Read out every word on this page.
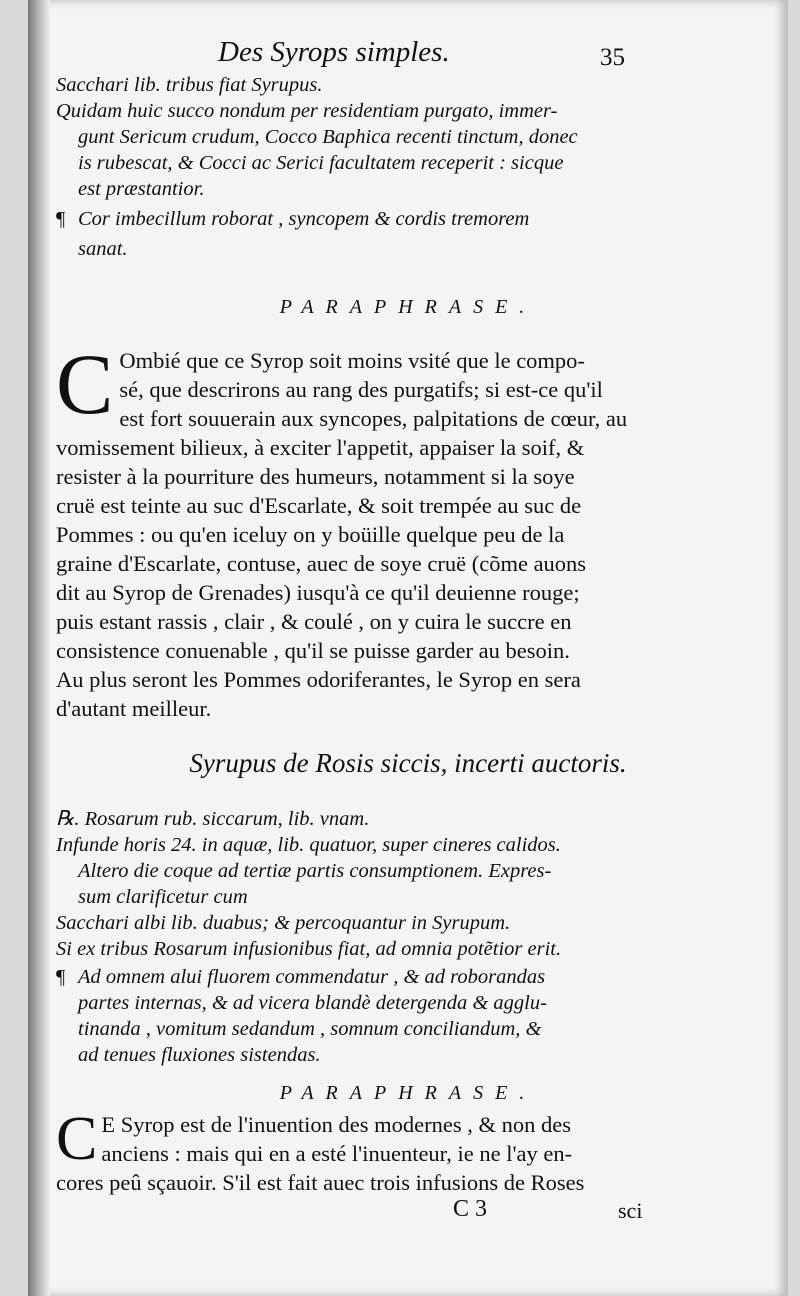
Des Syrops simples.	35

Sacchari lib. tribus fiat Syrupus.

Quidam huic succo nondum per residentiam purgato, immer-

gunt Sericum crudum, Cocco Baphica recenti tinctum, donec

is rubescat, & Cocci ac Serici facultatem receperit : sicque

est præstantior.

¶ Cor imbecillum roborat , syncopem & cordis tremorem

sanat.

PARAPHRASE.
C Ombié que ce Syrop soit moins vsité que le compo-

sé, que descrirons au rang des purgatifs; si est-ce qu'il

est fort souuerain aux syncopes, palpitations de cœur, au

vomissement bilieux, à exciter l'appetit, appaiser la soif, &

resister à la pourriture des humeurs, notamment si la soye

cruë est teinte au suc d'Escarlate, & soit trempée au suc de

Pommes : ou qu'en iceluy on y boüille quelque peu de la

graine d'Escarlate, contuse, auec de soye cruë (cõme auons

dit au Syrop de Grenades) iusqu'à ce qu'il deuienne rouge;

puis estant rassis , clair , & coulé , on y cuira le succre en

consistence conuenable , qu'il se puisse garder au besoin.

Au plus seront les Pommes odoriferantes, le Syrop en sera

d'autant meilleur.

Syrupus de Rosis siccis, incerti auctoris.

℞. Rosarum rub. siccarum, lib. vnam.

Infunde horis 24. in aquæ, lib. quatuor, super cineres calidos.

Altero die coque ad tertiæ partis consumptionem. Expres-

sum clarificetur cum

Sacchari albi lib. duabus; & percoquantur in Syrupum.

Si ex tribus Rosarum infusionibus fiat, ad omnia potẽtior erit.

¶ Ad omnem alui fluorem commendatur , & ad roborandas

partes internas, & ad vicera blandè detergenda & agglu-

tinanda , vomitum sedandum , somnum conciliandum, &

ad tenues fluxiones sistendas.

PARAPHRASE.
C E Syrop est de l'inuention des modernes , & non des

anciens : mais qui en a esté l'inuenteur, ie ne l'ay en-

cores peû sçauoir. S'il est fait auec trois infusions de Roses

C 3	sci
